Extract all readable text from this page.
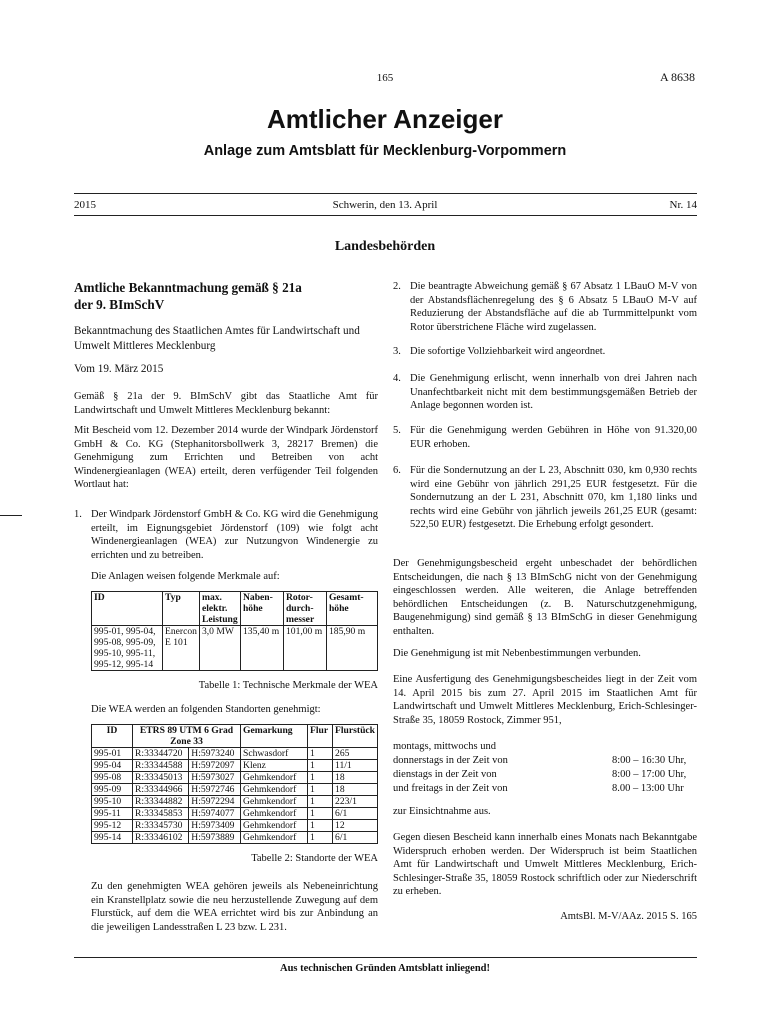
165	A 8638
Amtlicher Anzeiger
Anlage zum Amtsblatt für Mecklenburg-Vorpommern
2015	Schwerin, den 13. April	Nr. 14
Landesbehörden
Amtliche Bekanntmachung gemäß § 21a
der 9. BImSchV
Bekanntmachung des Staatlichen Amtes für Landwirtschaft und Umwelt Mittleres Mecklenburg
Vom 19. März 2015
Gemäß § 21a der 9. BImSchV gibt das Staatliche Amt für Landwirtschaft und Umwelt Mittleres Mecklenburg bekannt:
Mit Bescheid vom 12. Dezember 2014 wurde der Windpark Jördenstorf GmbH & Co. KG (Stephanitorsbollwerk 3, 28217 Bremen) die Genehmigung zum Errichten und Betreiben von acht Windenergieanlagen (WEA) erteilt, deren verfügender Teil folgenden Wortlaut hat:
1. Der Windpark Jördenstorf GmbH & Co. KG wird die Genehmigung erteilt, im Eignungsgebiet Jördenstorf (109) wie folgt acht Windenergieanlagen (WEA) zur Nutzungvon Windenergie zu errichten und zu betreiben.
Die Anlagen weisen folgende Merkmale auf:
ID	Typ	max. elektr. Leistung	Naben-höhe	Rotor-durch-messer	Gesamt-höhe
995-01, 995-04, 995-08, 995-09, 995-10, 995-11, 995-12, 995-14	Enercon E 101	3,0 MW	135,40 m	101,00 m	185,90 m
Tabelle 1: Technische Merkmale der WEA
Die WEA werden an folgenden Standorten genehmigt:
ID	ETRS 89 UTM 6 Grad Zone 33		Gemarkung	Flur	Flurstück
995-01	R:33344720	H:5973240	Schwasdorf	1	265
995-04	R:33344588	H:5972097	Klenz	1	11/1
995-08	R:33345013	H:5973027	Gehmkendorf	1	18
995-09	R:33344966	H:5972746	Gehmkendorf	1	18
995-10	R:33344882	H:5972294	Gehmkendorf	1	223/1
995-11	R:33345853	H:5974077	Gehmkendorf	1	6/1
995-12	R:33345730	H:5973409	Gehmkendorf	1	12
995-14	R:33346102	H:5973889	Gehmkendorf	1	6/1
Tabelle 2: Standorte der WEA
Zu den genehmigten WEA gehören jeweils als Nebeneinrichtung ein Kranstellplatz sowie die neu herzustellende Zuwegung auf dem Flurstück, auf dem die WEA errichtet wird bis zur Anbindung an die jeweiligen Landesstraßen L 23 bzw. L 231.
2. Die beantragte Abweichung gemäß § 67 Absatz 1 LBauO M-V von der Abstandsflächenregelung des § 6 Absatz 5 LBauO M-V auf Reduzierung der Abstandsfläche auf die ab Turmmittelpunkt vom Rotor überstrichene Fläche wird zugelassen.
3. Die sofortige Vollziehbarkeit wird angeordnet.
4. Die Genehmigung erlischt, wenn innerhalb von drei Jahren nach Unanfechtbarkeit nicht mit dem bestimmungsgemäßen Betrieb der Anlage begonnen worden ist.
5. Für die Genehmigung werden Gebühren in Höhe von 91.320,00 EUR erhoben.
6. Für die Sondernutzung an der L 23, Abschnitt 030, km 0,930 rechts wird eine Gebühr von jährlich 291,25 EUR festgesetzt. Für die Sondernutzung an der L 231, Abschnitt 070, km 1,180 links und rechts wird eine Gebühr von jährlich jeweils 261,25 EUR (gesamt: 522,50 EUR) festgesetzt. Die Erhebung erfolgt gesondert.
Der Genehmigungsbescheid ergeht unbeschadet der behördlichen Entscheidungen, die nach § 13 BImSchG nicht von der Genehmigung eingeschlossen werden. Alle weiteren, die Anlage betreffenden behördlichen Entscheidungen (z. B. Naturschutzgenehmigung, Baugenehmigung) sind gemäß § 13 BImSchG in dieser Genehmigung enthalten.
Die Genehmigung ist mit Nebenbestimmungen verbunden.
Eine Ausfertigung des Genehmigungsbescheides liegt in der Zeit vom 14. April 2015 bis zum 27. April 2015 im Staatlichen Amt für Landwirtschaft und Umwelt Mittleres Mecklenburg, Erich-Schlesinger-Straße 35, 18059 Rostock, Zimmer 951,
montags, mittwochs und
donnerstags in der Zeit von	8:00 – 16:30 Uhr,
dienstags in der Zeit von	8:00 – 17:00 Uhr,
und freitags in der Zeit von	8.00 – 13:00 Uhr
zur Einsichtnahme aus.
Gegen diesen Bescheid kann innerhalb eines Monats nach Bekanntgabe Widerspruch erhoben werden. Der Widerspruch ist beim Staatlichen Amt für Landwirtschaft und Umwelt Mittleres Mecklenburg, Erich-Schlesinger-Straße 35, 18059 Rostock schriftlich oder zur Niederschrift zu erheben.
AmtsBl. M-V/AAz. 2015 S. 165
Aus technischen Gründen Amtsblatt inliegend!
